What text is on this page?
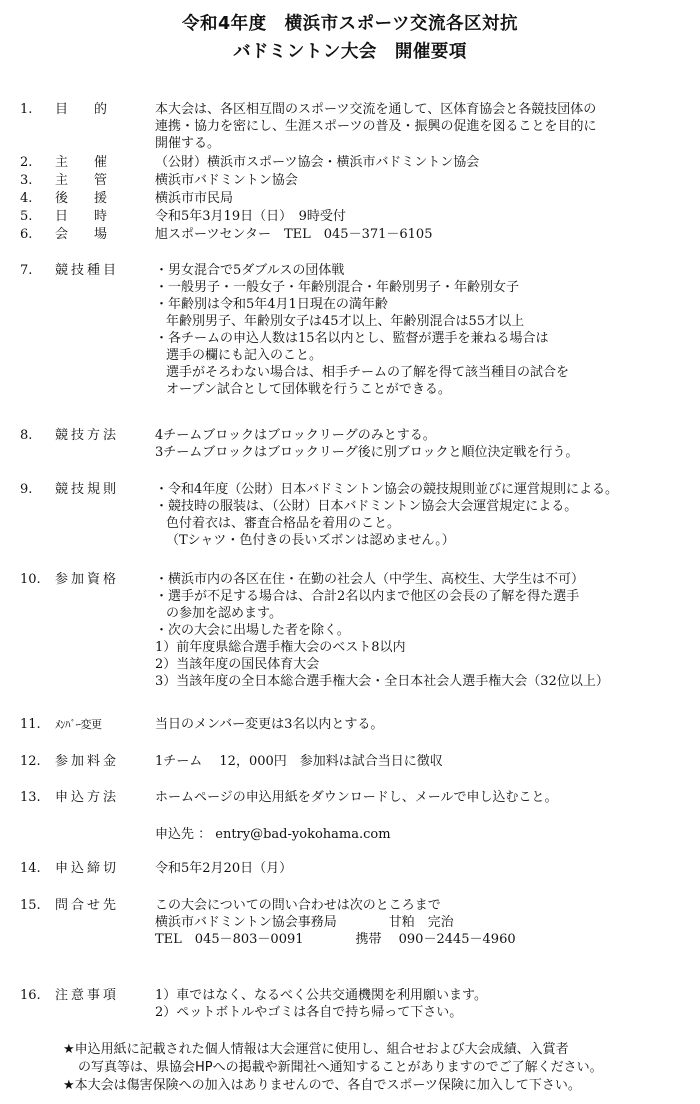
令和4年度　横浜市スポーツ交流各区対抗
バドミントン大会　開催要項
1.	目　　的	本大会は、各区相互間のスポーツ交流を通して、区体育協会と各競技団体の
連携・協力を密にし、生涯スポーツの普及・振興の促進を図ることを目的に
開催する。
2.	主　　催	（公財）横浜市スポーツ協会・横浜市バドミントン協会
3.	主　　管	横浜市バドミントン協会
4.	後　　援	横浜市市民局
5.	日　　時	令和5年3月19日（日）　9時受付
6.	会　　場	旭スポーツセンター　TEL　045－371－6105
7.	競技種目	・男女混合で5ダブルスの団体戦
・一般男子・一般女子・年齢別混合・年齢別男子・年齢別女子
・年齢別は令和5年4月1日現在の満年齢
年齢別男子、年齢別女子は45才以上、年齢別混合は55才以上
・各チームの申込人数は15名以内とし、監督が選手を兼ねる場合は
選手の欄にも記入のこと。
選手がそろわない場合は、相手チームの了解を得て該当種目の試合を
オープン試合として団体戦を行うことができる。
8.	競技方法	4チームブロックはブロックリーグのみとする。
3チームブロックはブロックリーグ後に別ブロックと順位決定戦を行う。
9.	競技規則	・令和4年度（公財）日本バドミントン協会の競技規則並びに運営規則による。
・競技時の服装は、（公財）日本バドミントン協会大会運営規定による。
色付着衣は、審査合格品を着用のこと。
（Tシャツ・色付きの長いズボンは認めません。）
10.	参加資格	・横浜市内の各区在住・在勤の社会人（中学生、高校生、大学生は不可）
・選手が不足する場合は、合計2名以内まで他区の会長の了解を得た選手
の参加を認めます。
・次の大会に出場した者を除く。
1）前年度県総合選手権大会のベスト8以内
2）当該年度の国民体育大会
3）当該年度の全日本総合選手権大会・全日本社会人選手権大会（32位以上）
11.	ﾒﾝﾊﾞｰ変更	当日のメンバー変更は3名以内とする。
12.	参加料金	1チーム　 12，000円　参加料は試合当日に徴収
13.	申込方法	ホームページの申込用紙をダウンロードし、メールで申し込むこと。
申込先 ： entry@bad-yokohama.com
14.	申込締切	令和5年2月20日（月）
15.	問合せ先	この大会についての問い合わせは次のところまで
横浜市バドミントン協会事務局　　　　甘粕　完治
TEL　045－803－0091　　　　携帯　 090－2445－4960
16.	注意事項	1）車ではなく、なるべく公共交通機関を利用願います。
2）ペットボトルやゴミは各自で持ち帰って下さい。
★申込用紙に記載された個人情報は大会運営に使用し、組合せおよび大会成績、入賞者
の写真等は、県協会HPへの掲載や新聞社へ通知することがありますのでご了解ください。
★本大会は傷害保険への加入はありませんので、各自でスポーツ保険に加入して下さい。
